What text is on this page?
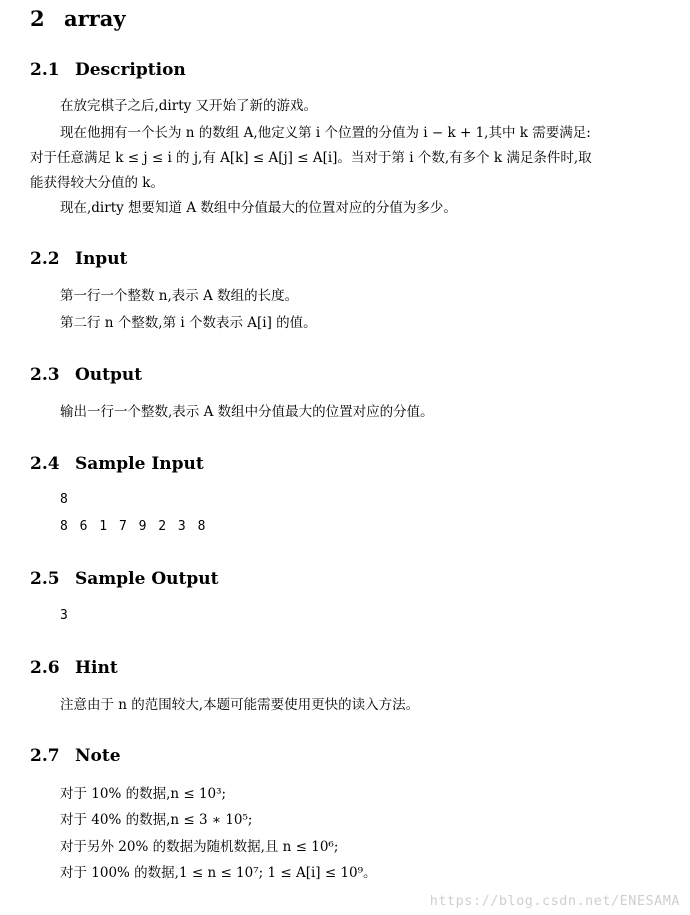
2 array
2.1 Description
在放完棋子之后,dirty 又开始了新的游戏。
现在他拥有一个长为 n 的数组 A,他定义第 i 个位置的分值为 i − k + 1,其中 k 需要满足:
对于任意满足 k ≤ j ≤ i 的 j,有 A[k] ≤ A[j] ≤ A[i]。当对于第 i 个数,有多个 k 满足条件时,取
能获得较大分值的 k。
现在,dirty 想要知道 A 数组中分值最大的位置对应的分值为多少。
2.2 Input
第一行一个整数 n,表示 A 数组的长度。
第二行 n 个整数,第 i 个数表示 A[i] 的值。
2.3 Output
输出一行一个整数,表示 A 数组中分值最大的位置对应的分值。
2.4 Sample Input
8
8 6 1 7 9 2 3 8
2.5 Sample Output
3
2.6 Hint
注意由于 n 的范围较大,本题可能需要使用更快的读入方法。
2.7 Note
对于 10% 的数据,n ≤ 10³;
对于 40% 的数据,n ≤ 3 ∗ 10⁵;
对于另外 20% 的数据为随机数据,且 n ≤ 10⁶;
对于 100% 的数据,1 ≤ n ≤ 10⁷; 1 ≤ A[i] ≤ 10⁹。
https://blog.csdn.net/ENESAMA
